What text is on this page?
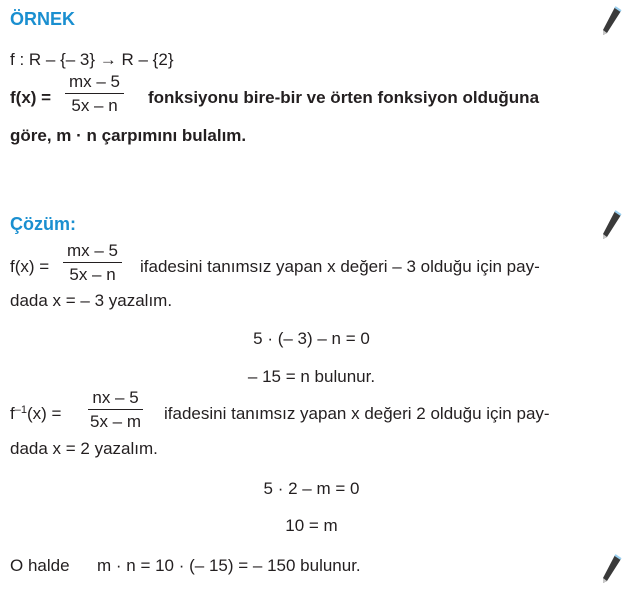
ÖRNEK
f : R – {– 3} → R – {2}
$f(x) = \frac{mx - 5}{5x - n}$ fonksiyonu bire-bir ve örten fonksiyon olduğuna
göre, m · n çarpımını bulalım.
Çözüm:
$f(x) = \frac{mx - 5}{5x - n}$ ifadesini tanımsız yapan x değeri – 3 olduğu için pay-
dada x = – 3 yazalım.
5 · (– 3) – n = 0
– 15 = n bulunur.
$f^{-1}(x) = \frac{nx - 5}{5x - m}$ ifadesini tanımsız yapan x değeri 2 olduğu için pay-
dada x = 2 yazalım.
5 · 2 – m = 0
10 = m
O halde m · n = 10 · (– 15) = – 150 bulunur.
